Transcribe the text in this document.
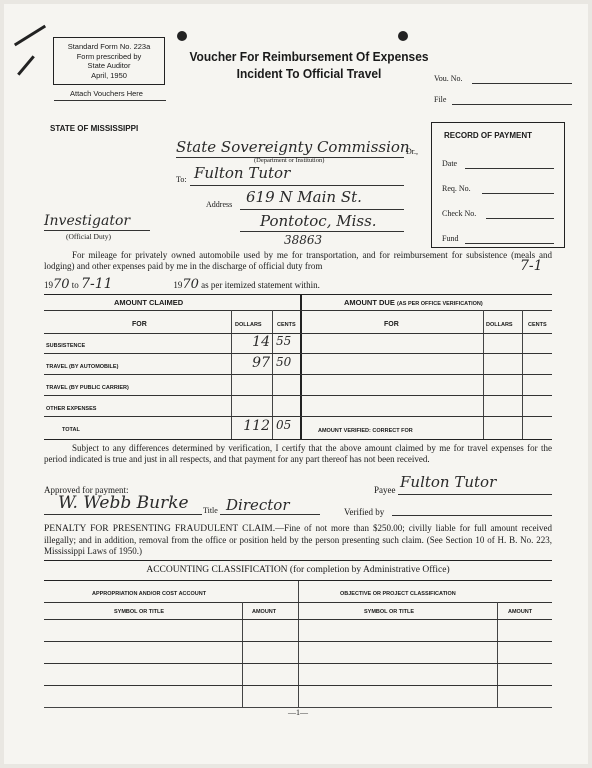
Standard Form No. 223a
Form prescribed by
State Auditor
April, 1950
Attach Vouchers Here
Voucher For Reimbursement Of Expenses
Incident To Official Travel	Vou. No.
File
STATE OF MISSISSIPPI
State Sovereignty Commission
Dr.,
(Department or Institution)
To: Fulton Tutor
Address 619 N Main St.
Pontotoc, Miss.
38863
Investigator
(Official Duty)
RECORD OF PAYMENT
Date
Req. No.
Check No.
Fund
For mileage for privately owned automobile used by me for transportation, and for reimbursement for subsistence (meals and lodging) and other expenses paid by me in the discharge of official duty from	7-1
1970 to 7-11	1970 as per itemized statement within.
AMOUNT CLAIMED	AMOUNT DUE (AS PER OFFICE VERIFICATION)
FOR	DOLLARS	CENTS	FOR	DOLLARS	CENTS
SUBSISTENCE	14 55
TRAVEL (BY AUTOMOBILE)	97 50
TRAVEL (BY PUBLIC CARRIER)
OTHER EXPENSES
TOTAL	112 05	AMOUNT VERIFIED: CORRECT FOR
Subject to any differences determined by verification, I certify that the above amount claimed by me for travel expenses for the period indicated is true and just in all respects, and that payment for any part thereof has not been received.
Approved for payment:
W. Webb Burke Title Director
Payee Fulton Tutor
Verified by
PENALTY FOR PRESENTING FRAUDULENT CLAIM.—Fine of not more than $250.00; civilly liable for full amount received illegally; and in addition, removal from the office or position held by the person presenting such claim. (See Section 10 of H. B. No. 223, Mississippi Laws of 1950.)
ACCOUNTING CLASSIFICATION (for completion by Administrative Office)
APPROPRIATION AND/OR COST ACCOUNT	OBJECTIVE OR PROJECT CLASSIFICATION
SYMBOL OR TITLE	AMOUNT	SYMBOL OR TITLE	AMOUNT
—1—
